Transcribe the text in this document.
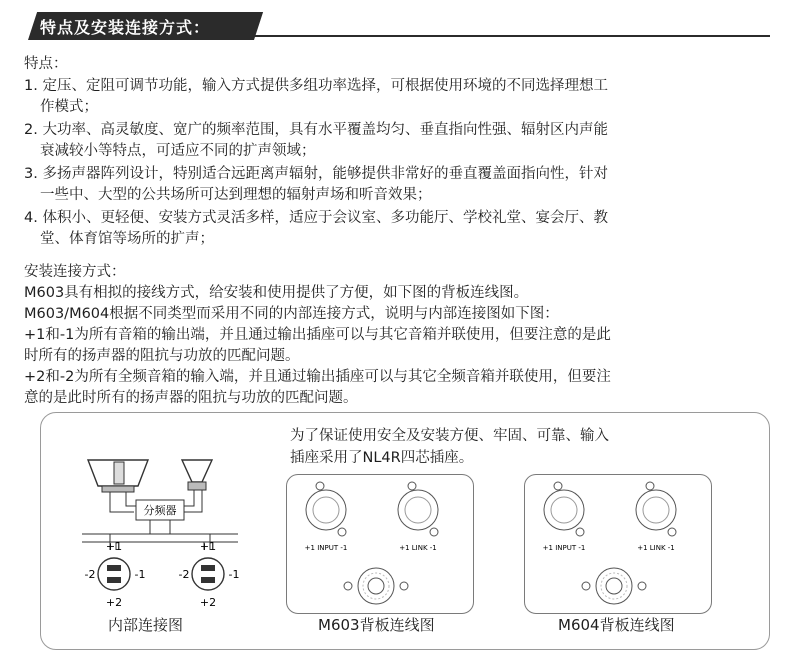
特点及安装连接方式：
特点：
1. 定压、定阻可调节功能，输入方式提供多组功率选择，可根据使用环境的不同选择理想工
作模式；
2. 大功率、高灵敏度、宽广的频率范围，具有水平覆盖均匀、垂直指向性强、辐射区内声能
衰减较小等特点，可适应不同的扩声领域；
3. 多扬声器阵列设计，特别适合远距离声辐射，能够提供非常好的垂直覆盖面指向性，针对
一些中、大型的公共场所可达到理想的辐射声场和听音效果；
4. 体积小、更轻便、安装方式灵活多样，适应于会议室、多功能厅、学校礼堂、宴会厅、教
堂、体育馆等场所的扩声；
安装连接方式：
M603具有相拟的接线方式，给安装和使用提供了方便，如下图的背板连线图。
M603/M604根据不同类型而采用不同的内部连接方式，说明与内部连接图如下图：
+1和-1为所有音箱的输出端，并且通过输出插座可以与其它音箱并联使用，但要注意的是此
时所有的扬声器的阻抗与功放的匹配问题。
+2和-2为所有全频音箱的输入端，并且通过输出插座可以与其它全频音箱并联使用，但要注
意的是此时所有的扬声器的阻抗与功放的匹配问题。
分频器
+1
-2	-1
+2
+1
-2	-1
+2
内部连接图
为了保证使用安全及安装方便、牢固、可靠、输入
插座采用了NL4R四芯插座。
+1 INPUT -1	+1 LINK -1
M603背板连线图
+1 INPUT -1	+1 LINK -1
M604背板连线图
